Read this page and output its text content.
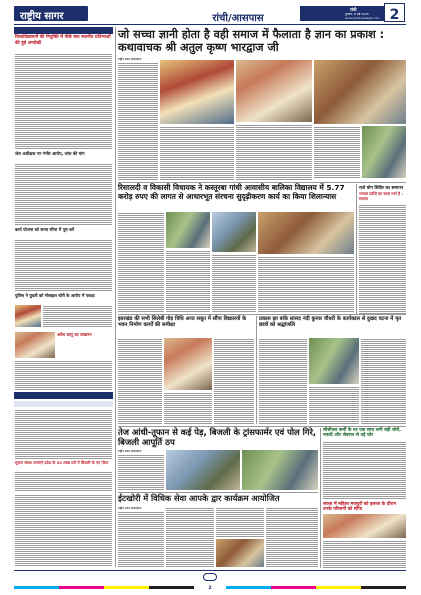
राष्ट्रीय सागर	रांची/आसपास
रांची
गुरुवार, 8 मई 2025
www.rashtriyasagar.com 2
डबल कॉलम न्यूज
विश्वविद्यालयों की नियुक्ति में पीछे बात स्थानीय प्रतिभाओं की हुई अनदेखी
जेल अधीक्षक पर गंभीर आरोप, जांच की मांग
कार्य योजना को समय सीमा में पूरा करें
पुलिस ने युवती को मोबाइल चोरी के आरोप में पकड़ा
अवैध बालू का उत्खनन
सूचना संस्था लगाएंगे प्रदेश के 33 लाख घरों में बिजली के नए मीटर
जो सच्चा ज्ञानी होता है वही समाज में फैलाता है ज्ञान का प्रकाश : कथावाचक श्री अतुल कृष्ण भारद्वाज जी
राष्ट्रीय सागर संवाददाता
रिसालदी व विकासी विधायक ने कस्तूरबा गांधी आवासीय बालिका विद्यालय में 5.77 करोड़ रुपए की लागत से आधारभूत संरचना सुदृढ़ीकरण कार्य का किया शिलान्यास
राजे योग शिविर का समापन
भगवत प्राप्ति का सरल मार्ग है : साधना
झारखंड की सभी सिलेबी गोड़ विधि आज सबूत में सौंपा विद्यालयों के भवन निर्माण कार्यों की समीक्षा
प्रकाश झा बांके सांसद नंदी कुमार चौधरी के कार्यकाल से दुखद घटना में मृत छात्रों को श्रद्धांजलि
तेज आंधी-तूफान से कई पेड़, बिजली के ट्रांसफार्मर एवं पोल गिरे, बिजली आपूर्ति ठप
राष्ट्रीय सागर संवाददाता
सीसीएल कर्मी के घर एक साथ लगी बड़ी चोरी, नकदी और जेवरात ले उड़े चोर
सरला में महिला मजदूरों को इलाज के दौरान उनके परिजनों को सौंपा
ईटखोरी में विधिक सेवा आपके द्वार कार्यक्रम आयोजित
राष्ट्रीय सागर संवाददाता
2
